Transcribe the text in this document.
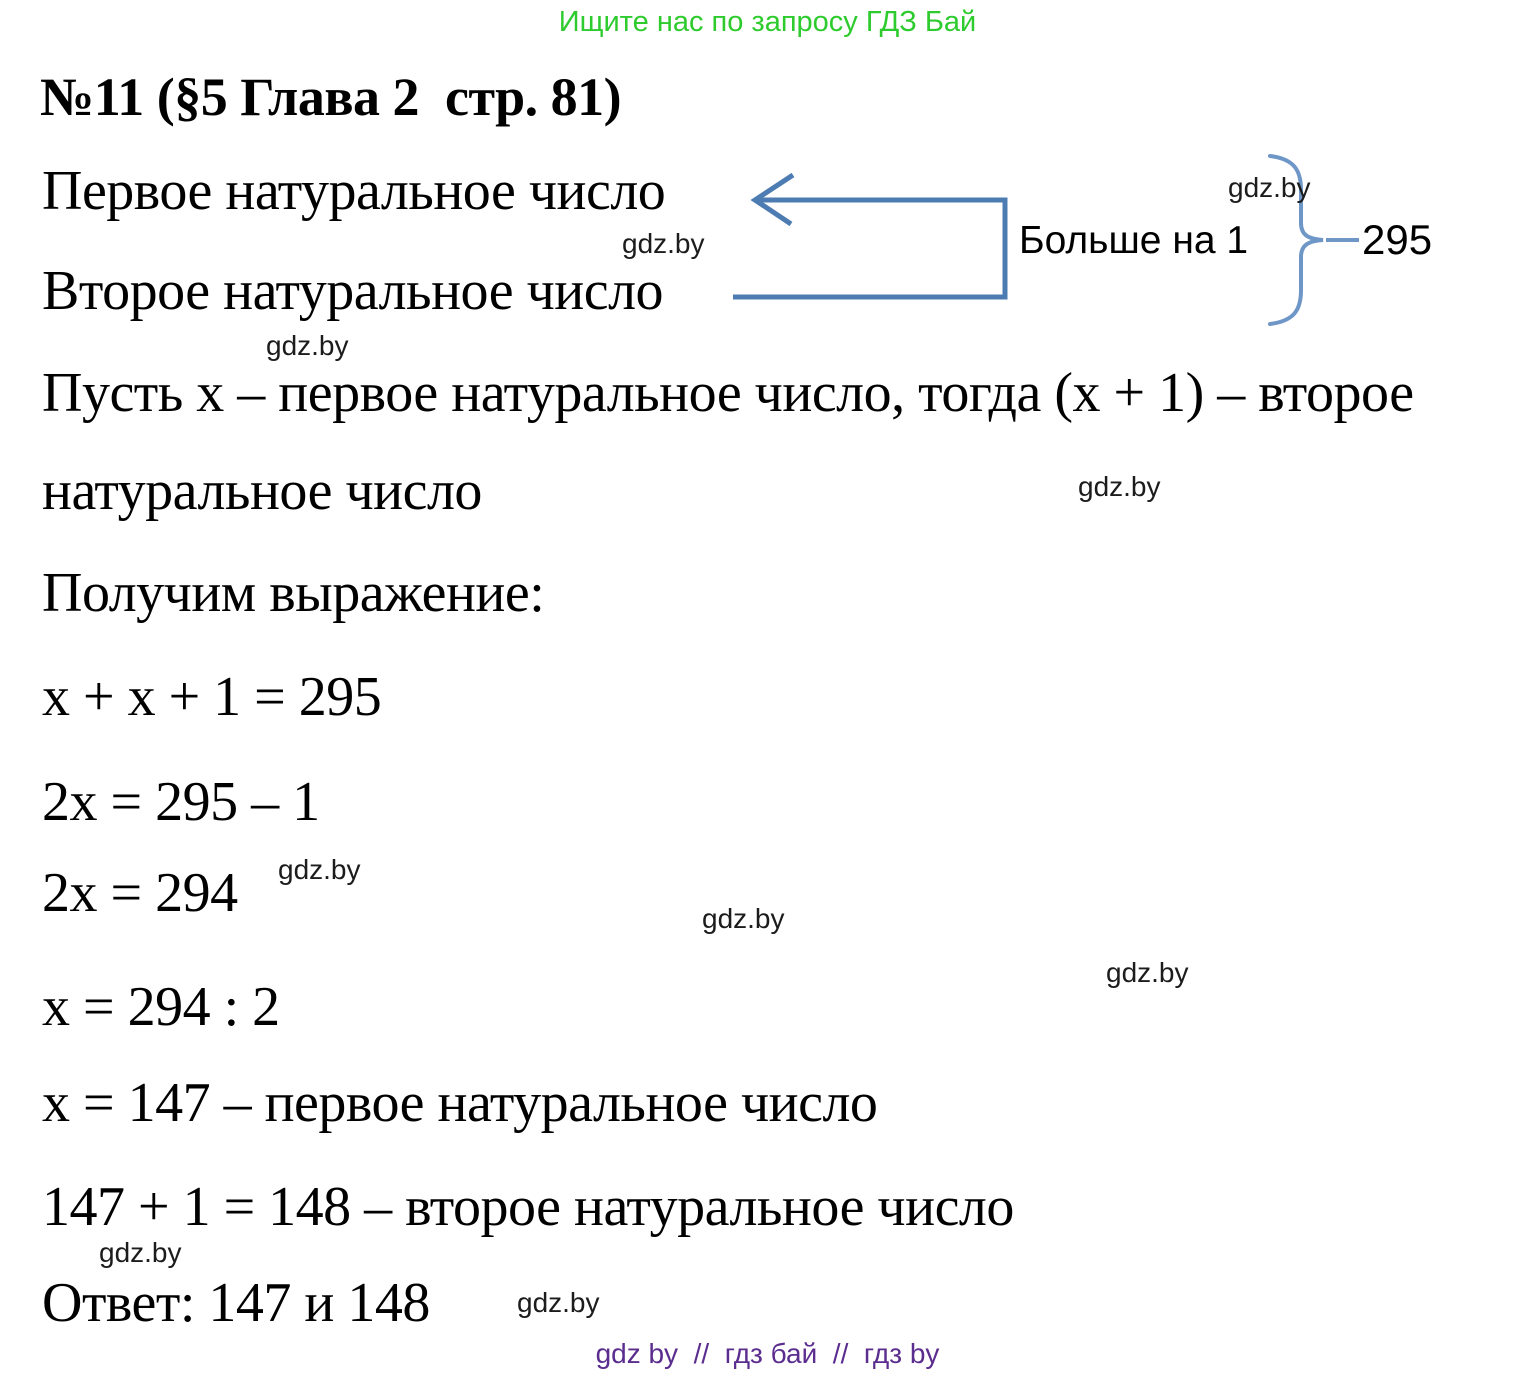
Ищите нас по запросу ГДЗ Бай
№11 (§5 Глава 2  стр. 81)
Первое натуральное число
Второе натуральное число
Больше на 1	295
Пусть х – первое натуральное число, тогда (х + 1) – второе
натуральное число
Получим выражение:
х + х + 1 = 295
2х = 295 – 1
2х = 294
х = 294 : 2
х = 147 – первое натуральное число
147 + 1 = 148 – второе натуральное число
Ответ: 147 и 148
gdz.by
gdz.by
gdz.by
gdz.by
gdz.by
gdz.by
gdz.by
gdz.by
gdz.by
gdz by  //  гдз бай  //  гдз by
